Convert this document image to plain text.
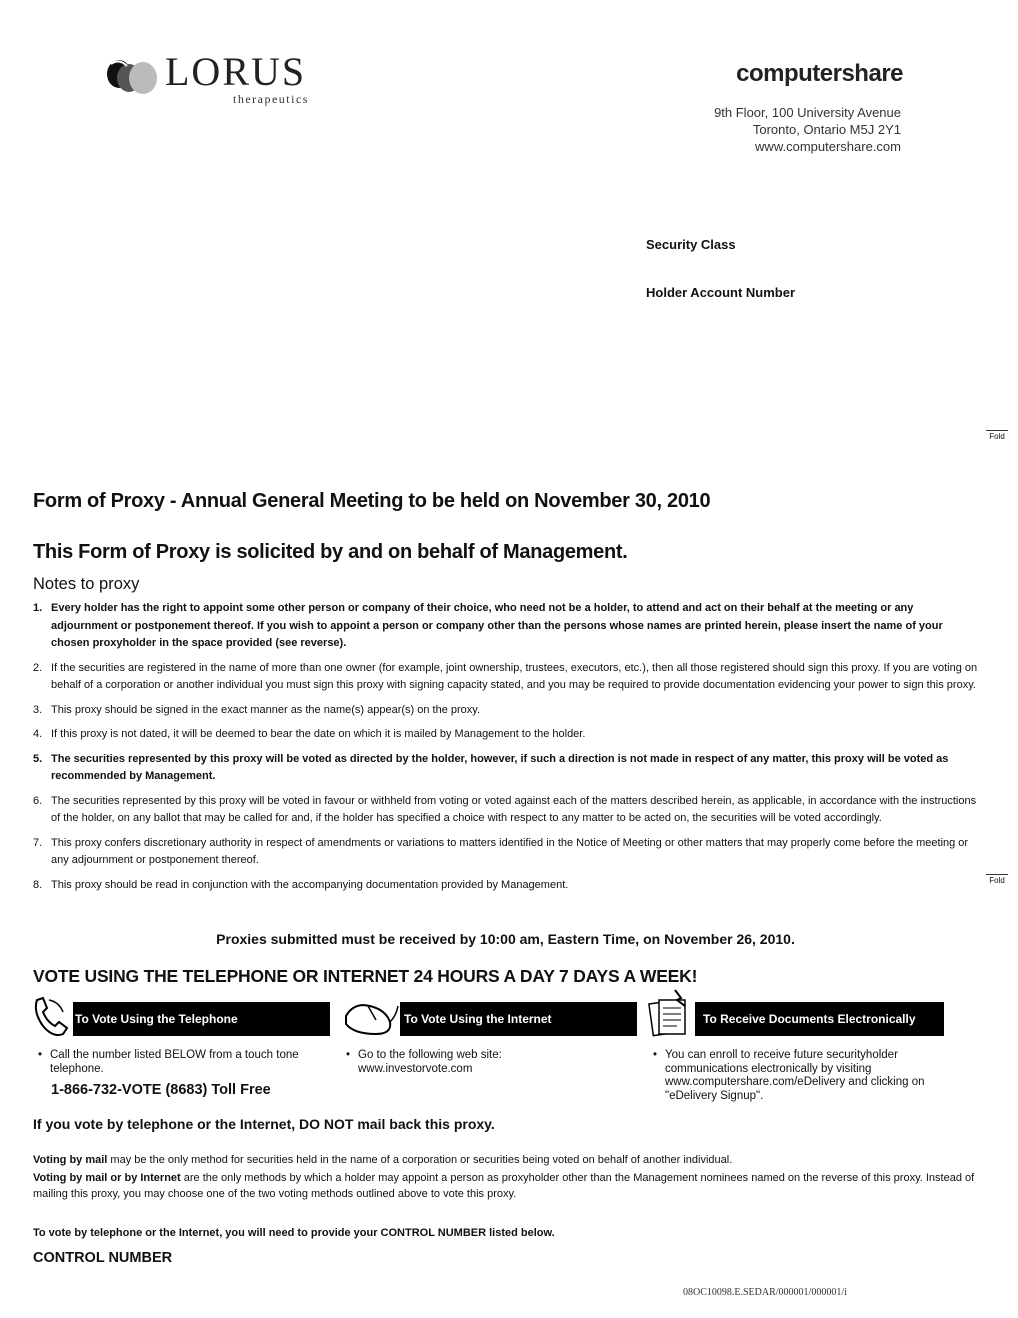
LORUS
therapeutics
computershare
9th Floor, 100 University Avenue
Toronto, Ontario M5J 2Y1
www.computershare.com
Security Class
Holder Account Number
Fold
Fold
Form of Proxy - Annual General Meeting to be held on November 30, 2010
This Form of Proxy is solicited by and on behalf of Management.
Notes to proxy
1. Every holder has the right to appoint some other person or company of their choice, who need not be a holder, to attend and act on their behalf at the meeting or any adjournment or postponement thereof. If you wish to appoint a person or company other than the persons whose names are printed herein, please insert the name of your chosen proxyholder in the space provided (see reverse).
2. If the securities are registered in the name of more than one owner (for example, joint ownership, trustees, executors, etc.), then all those registered should sign this proxy. If you are voting on behalf of a corporation or another individual you must sign this proxy with signing capacity stated, and you may be required to provide documentation evidencing your power to sign this proxy.
3. This proxy should be signed in the exact manner as the name(s) appear(s) on the proxy.
4. If this proxy is not dated, it will be deemed to bear the date on which it is mailed by Management to the holder.
5. The securities represented by this proxy will be voted as directed by the holder, however, if such a direction is not made in respect of any matter, this proxy will be voted as recommended by Management.
6. The securities represented by this proxy will be voted in favour or withheld from voting or voted against each of the matters described herein, as applicable, in accordance with the instructions of the holder, on any ballot that may be called for and, if the holder has specified a choice with respect to any matter to be acted on, the securities will be voted accordingly.
7. This proxy confers discretionary authority in respect of amendments or variations to matters identified in the Notice of Meeting or other matters that may properly come before the meeting or any adjournment or postponement thereof.
8. This proxy should be read in conjunction with the accompanying documentation provided by Management.
Proxies submitted must be received by 10:00 am, Eastern Time, on November 26, 2010.
VOTE USING THE TELEPHONE OR INTERNET 24 HOURS A DAY 7 DAYS A WEEK!
To Vote Using the Telephone	To Vote Using the Internet	To Receive Documents Electronically
• Call the number listed BELOW from a touch tone telephone.
1-866-732-VOTE (8683) Toll Free
• Go to the following web site: www.investorvote.com
• You can enroll to receive future securityholder communications electronically by visiting www.computershare.com/eDelivery and clicking on "eDelivery Signup".
If you vote by telephone or the Internet, DO NOT mail back this proxy.
Voting by mail may be the only method for securities held in the name of a corporation or securities being voted on behalf of another individual.
Voting by mail or by Internet are the only methods by which a holder may appoint a person as proxyholder other than the Management nominees named on the reverse of this proxy. Instead of mailing this proxy, you may choose one of the two voting methods outlined above to vote this proxy.
To vote by telephone or the Internet, you will need to provide your CONTROL NUMBER listed below.
CONTROL NUMBER
08OC10098.E.SEDAR/000001/000001/i
